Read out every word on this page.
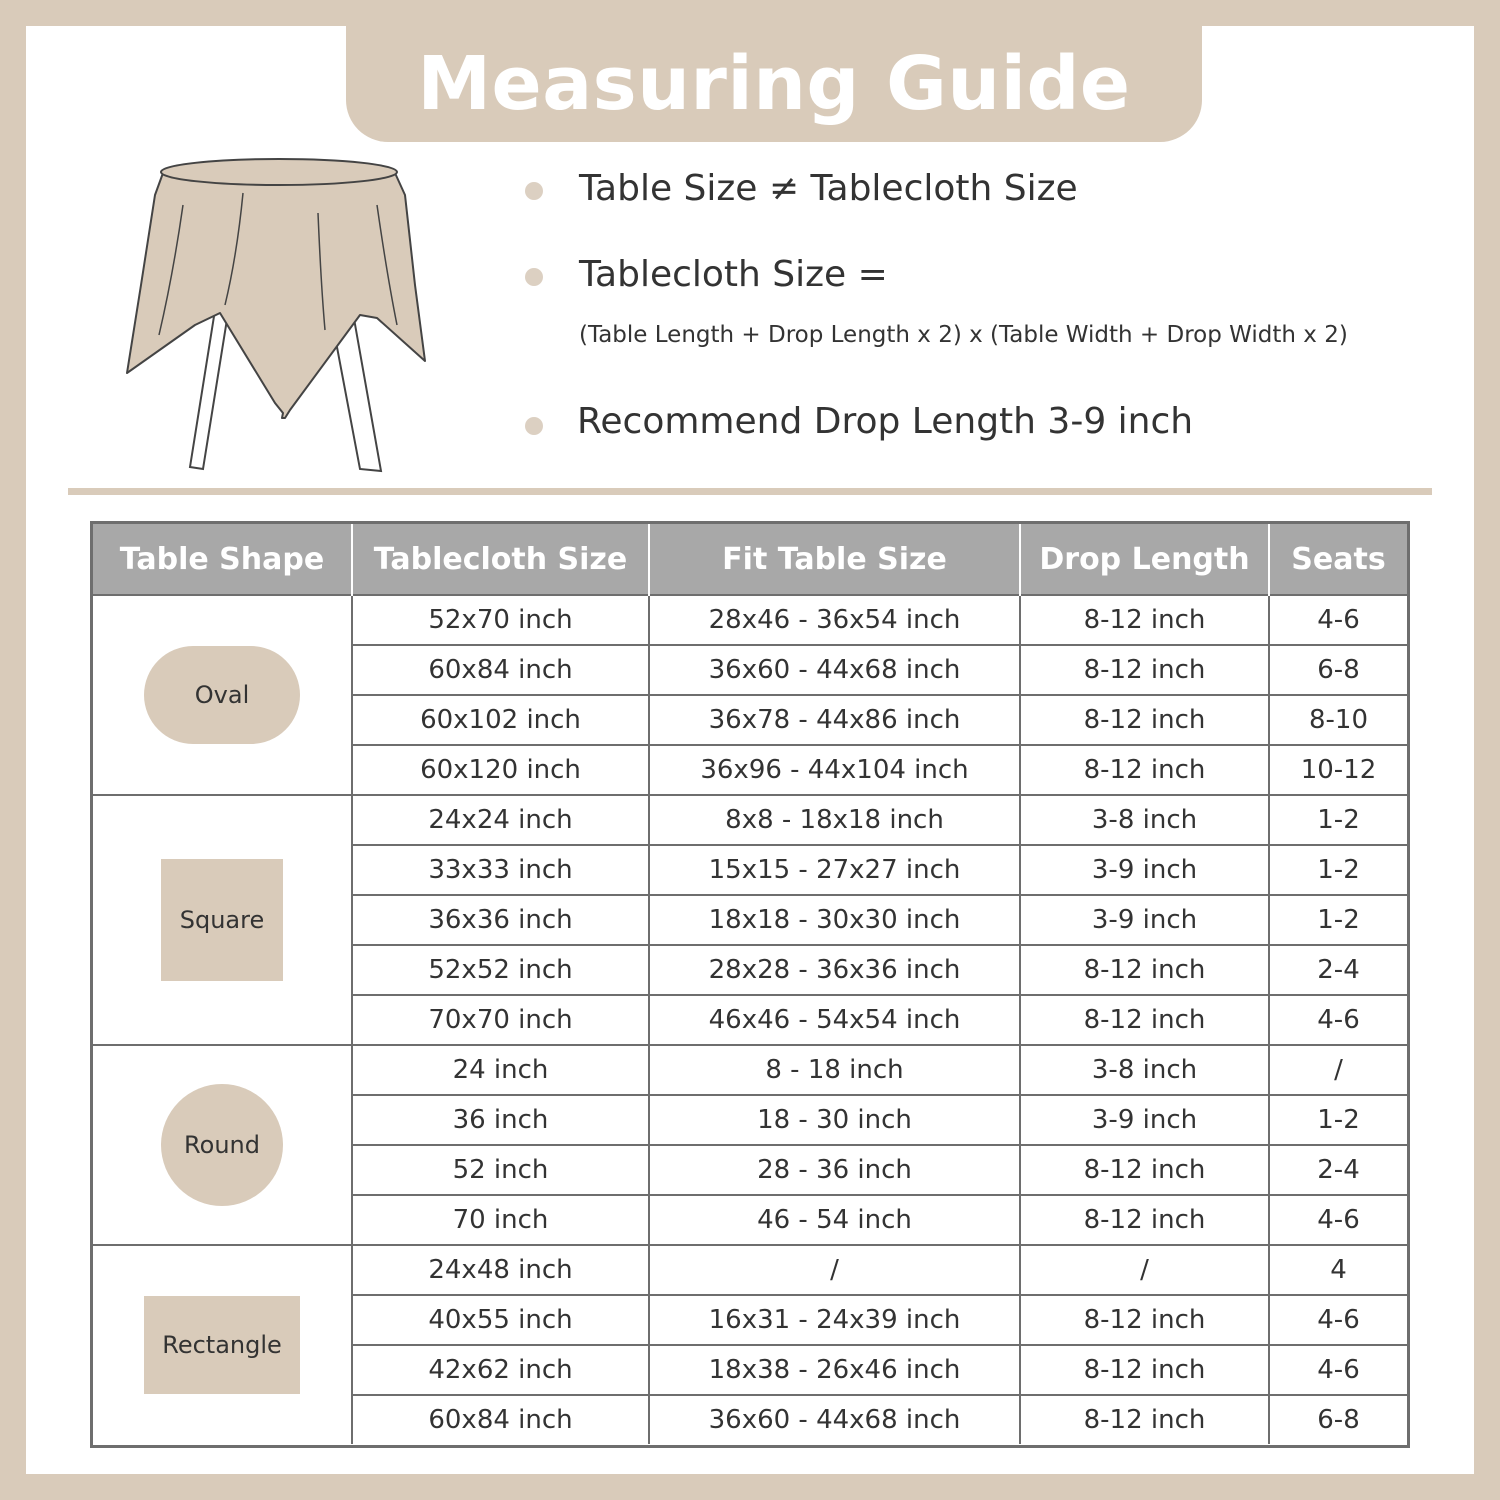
Measuring Guide
Table Size ≠ Tablecloth Size
Tablecloth Size =
(Table Length + Drop Length x 2) x (Table Width + Drop Width x 2)
Recommend Drop Length 3-9 inch
Table Shape	Tablecloth Size	Fit Table Size	Drop Length	Seats
Oval	52x70 inch	28x46 - 36x54 inch	8-12 inch	4-6
	60x84 inch	36x60 - 44x68 inch	8-12 inch	6-8
	60x102 inch	36x78 - 44x86 inch	8-12 inch	8-10
	60x120 inch	36x96 - 44x104 inch	8-12 inch	10-12
Square	24x24 inch	8x8 - 18x18 inch	3-8 inch	1-2
	33x33 inch	15x15 - 27x27 inch	3-9 inch	1-2
	36x36 inch	18x18 - 30x30 inch	3-9 inch	1-2
	52x52 inch	28x28 - 36x36 inch	8-12 inch	2-4
	70x70 inch	46x46 - 54x54 inch	8-12 inch	4-6
Round	24 inch	8 - 18 inch	3-8 inch	/
	36 inch	18 - 30 inch	3-9 inch	1-2
	52 inch	28 - 36 inch	8-12 inch	2-4
	70 inch	46 - 54 inch	8-12 inch	4-6
Rectangle	24x48 inch	/	/	4
	40x55 inch	16x31 - 24x39 inch	8-12 inch	4-6
	42x62 inch	18x38 - 26x46 inch	8-12 inch	4-6
	60x84 inch	36x60 - 44x68 inch	8-12 inch	6-8
